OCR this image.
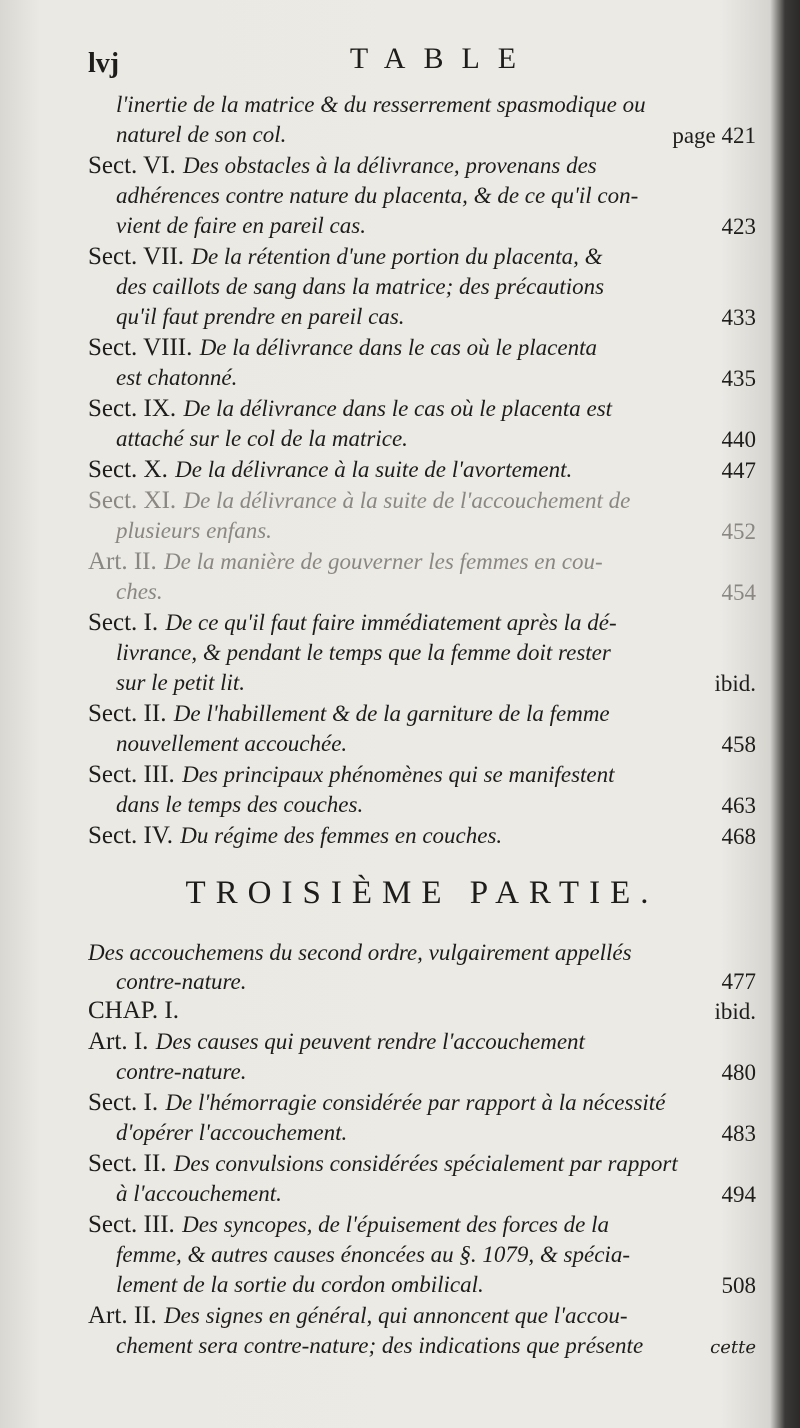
lvj	TABLE
l'inertie de la matrice & du resserrement spasmodique ou
naturel de son col.	page 421
Sect. VI. Des obstacles à la délivrance, provenans des
adhérences contre nature du placenta, & de ce qu'il con-
vient de faire en pareil cas.	423
Sect. VII. De la rétention d'une portion du placenta, &
des caillots de sang dans la matrice; des précautions
qu'il faut prendre en pareil cas.	433
Sect. VIII. De la délivrance dans le cas où le placenta
est chatonné.	435
Sect. IX. De la délivrance dans le cas où le placenta est
attaché sur le col de la matrice.	440
Sect. X. De la délivrance à la suite de l'avortement.	447
Sect. XI. De la délivrance à la suite de l'accouchement de
plusieurs enfans.	452
Art. II. De la manière de gouverner les femmes en cou-
ches.	454
Sect. I. De ce qu'il faut faire immédiatement après la dé-
livrance, & pendant le temps que la femme doit rester
sur le petit lit.	ibid.
Sect. II. De l'habillement & de la garniture de la femme
nouvellement accouchée.	458
Sect. III. Des principaux phénomènes qui se manifestent
dans le temps des couches.	463
Sect. IV. Du régime des femmes en couches.	468
TROISIÈME PARTIE.
Des accouchemens du second ordre, vulgairement appellés
contre-nature.	477
CHAP. I.	ibid.
Art. I. Des causes qui peuvent rendre l'accouchement
contre-nature.	480
Sect. I. De l'hémorragie considérée par rapport à la nécessité
d'opérer l'accouchement.	483
Sect. II. Des convulsions considérées spécialement par rapport
à l'accouchement.	494
Sect. III. Des syncopes, de l'épuisement des forces de la
femme, & autres causes énoncées au §. 1079, & spécia-
lement de la sortie du cordon ombilical.	508
Art. II. Des signes en général, qui annoncent que l'accou-
chement sera contre-nature; des indications que présente	cette
